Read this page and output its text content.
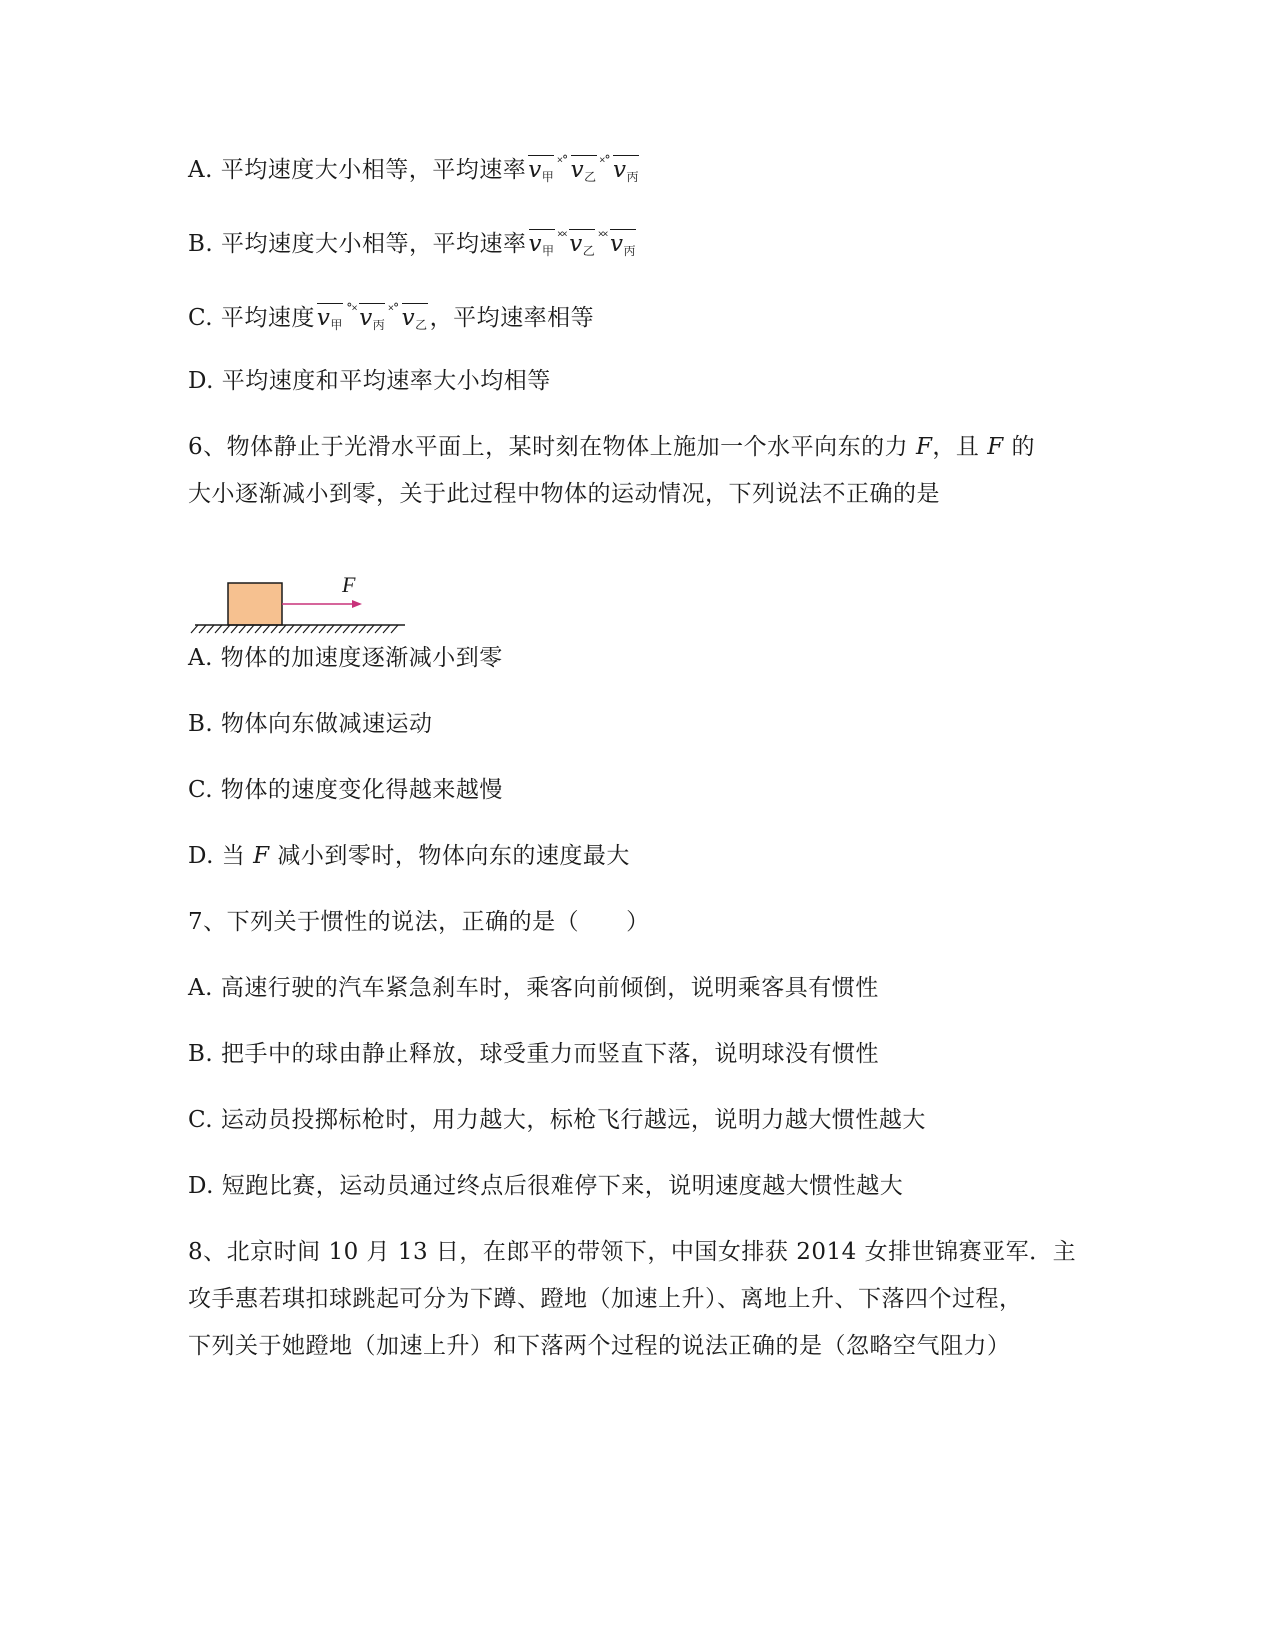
A. 平均速度大小相等，平均速率$v_甲^{˟˚}$ $v_乙^{˟˚}$ $v_丙$
B. 平均速度大小相等，平均速率$v_甲^{˟˟}$ $v_乙^{˟˟}$ $v_丙$
C. 平均速度$v_甲^{˚˟}$ $v_丙^{˟˚}$ $v_乙$，平均速率相等
D. 平均速度和平均速率大小均相等
6、物体静止于光滑水平面上，某时刻在物体上施加一个水平向东的力 F，且 F 的
大小逐渐减小到零，关于此过程中物体的运动情况，下列说法不正确的是
F
A. 物体的加速度逐渐减小到零
B. 物体向东做减速运动
C. 物体的速度变化得越来越慢
D. 当 F 减小到零时，物体向东的速度最大
7、下列关于惯性的说法，正确的是（　　）
A. 高速行驶的汽车紧急刹车时，乘客向前倾倒，说明乘客具有惯性
B. 把手中的球由静止释放，球受重力而竖直下落，说明球没有惯性
C. 运动员投掷标枪时，用力越大，标枪飞行越远，说明力越大惯性越大
D. 短跑比赛，运动员通过终点后很难停下来，说明速度越大惯性越大
8、北京时间 10 月 13 日，在郎平的带领下，中国女排获 2014 女排世锦赛亚军．主
攻手惠若琪扣球跳起可分为下蹲、蹬地（加速上升）、离地上升、下落四个过程，
下列关于她蹬地（加速上升）和下落两个过程的说法正确的是（忽略空气阻力）
